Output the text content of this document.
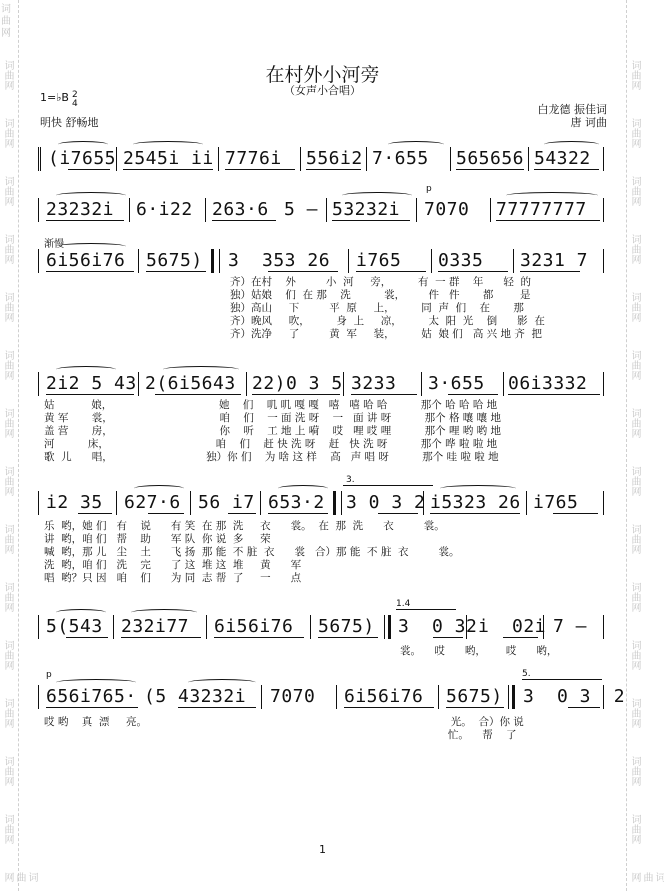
词曲网
词曲网
词曲网
词曲网
词曲网
词曲网
词曲网
词曲网
词曲网
词曲网
词曲网
词曲网
词曲网
词曲网
词曲网
词曲网
词曲网
词曲网
词曲网
词曲网
词曲网
词曲网
词曲网
词曲网
词曲网
词曲网
词曲网
词曲网
词曲网
词曲网
词曲网
在村外小河旁
（女声小合唱）
1=♭B 2
4
明快 舒畅地
白龙德 振佳词
唐 诃曲
(i7655 2545i ii 7776i 556i2 7·655 565656 54322
23232i 6·i22 263·6 5 — 53232i 7070 77777777
p
渐慢
6i56i76 5675) 3  353 26 i765 0335 3231 7
齐）在村    外         小  河     旁，        有  一 群    年      轻  的
独）姑娘    们  在 那    洗          裳，       件   件       都        是
独）高山     下         平  原     上，        同  声  们    在       那
齐）晚风     吹，        身  上     凉，        太  阳  光    倒      影  在
齐）洗净     了         黄  军     装，        姑  娘 们   高 兴 地 齐  把
2i2 5 43 2(6i5643 22)0 3 5 3233 3·655 06i3332
姑           娘，                                她    们    叽 叽 嘎 嘎   嘻   嘻 哈 哈          那个 哈 哈 哈 地
黄 军       裳，                                咱    们    一 面 洗 呀    一   面 讲 呀          那个 格 嚷 嚷 地
盖 营       房，                                你    听    工 地 上 嗬    哎   哩 哎 哩          那个 哩 哟 哟 地
河          床，                                咱    们    赶 快 洗 呀    赶   快 洗 呀          那个 哗 啦 啦 地
歌  儿      唱，                            独）你 们    为 啥 这 样    高   声 唱 呀          那个 哇 啦 啦 地
i2 35 627·6 56 i7 653·2 3 0 3 2 i5323 26 i765
3.
乐  哟，她 们   有    说      有 笑  在 那  洗     衣      裳。  在  那  洗      衣         裳。
讲  哟，咱 们   帮    助      军 队  你 说  多     荣
喊  哟，那 儿   尘    土      飞 扬  那 能  不 脏  衣      裳   合）那 能  不 脏  衣         裳。
洗  哟，咱 们   洗    完      了 这  堆 这  堆     黄      军
唱  哟？只 因   咱    们      为 同  志 帮  了     一      点
5(543 232i77 6i56i76 5675) 3  0 32 i  02i 7 —
1.4
裳。    哎      哟，      哎      哟，
p
656i765· (5 43232i 7070 6i56i76 5675) 3  0 3  2
5.
哎 哟    真  漂     亮。                                                                                           光。  合）你 说
忙。    帮    了
1
